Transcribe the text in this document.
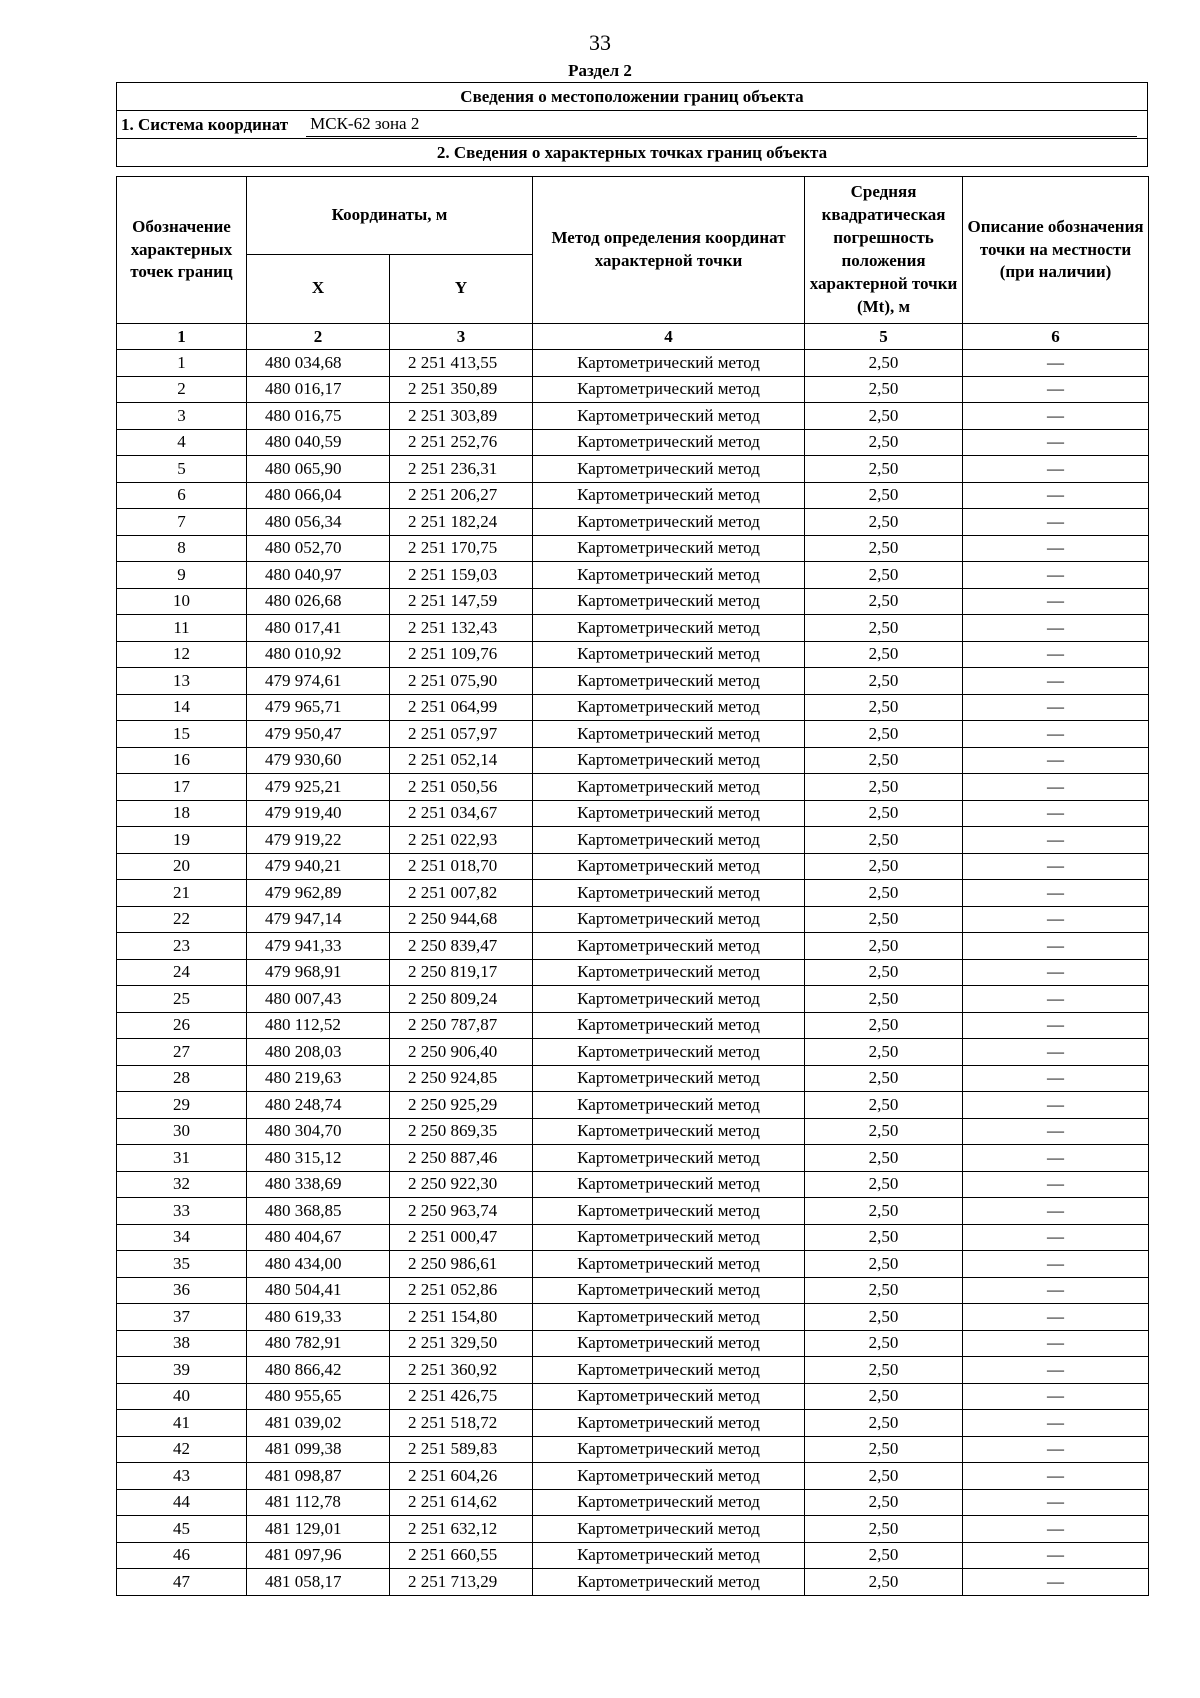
33
Раздел 2
Сведения о местоположении границ объекта

1. Система координат МСК-62 зона 2

2. Сведения о характерных точках границ объекта
Обозначение характерных точек границ	Координаты, м		Метод определения координат характерной точки	Средняя квадратическая погрешность положения характерной точки (Mt), м	Описание обозначения точки на местности (при наличии)
	X	Y			
1	2	3	4	5	6
1	480 034,68	2 251 413,55	Картометрический метод	2,50	—
2	480 016,17	2 251 350,89	Картометрический метод	2,50	—
3	480 016,75	2 251 303,89	Картометрический метод	2,50	—
4	480 040,59	2 251 252,76	Картометрический метод	2,50	—
5	480 065,90	2 251 236,31	Картометрический метод	2,50	—
6	480 066,04	2 251 206,27	Картометрический метод	2,50	—
7	480 056,34	2 251 182,24	Картометрический метод	2,50	—
8	480 052,70	2 251 170,75	Картометрический метод	2,50	—
9	480 040,97	2 251 159,03	Картометрический метод	2,50	—
10	480 026,68	2 251 147,59	Картометрический метод	2,50	—
11	480 017,41	2 251 132,43	Картометрический метод	2,50	—
12	480 010,92	2 251 109,76	Картометрический метод	2,50	—
13	479 974,61	2 251 075,90	Картометрический метод	2,50	—
14	479 965,71	2 251 064,99	Картометрический метод	2,50	—
15	479 950,47	2 251 057,97	Картометрический метод	2,50	—
16	479 930,60	2 251 052,14	Картометрический метод	2,50	—
17	479 925,21	2 251 050,56	Картометрический метод	2,50	—
18	479 919,40	2 251 034,67	Картометрический метод	2,50	—
19	479 919,22	2 251 022,93	Картометрический метод	2,50	—
20	479 940,21	2 251 018,70	Картометрический метод	2,50	—
21	479 962,89	2 251 007,82	Картометрический метод	2,50	—
22	479 947,14	2 250 944,68	Картометрический метод	2,50	—
23	479 941,33	2 250 839,47	Картометрический метод	2,50	—
24	479 968,91	2 250 819,17	Картометрический метод	2,50	—
25	480 007,43	2 250 809,24	Картометрический метод	2,50	—
26	480 112,52	2 250 787,87	Картометрический метод	2,50	—
27	480 208,03	2 250 906,40	Картометрический метод	2,50	—
28	480 219,63	2 250 924,85	Картометрический метод	2,50	—
29	480 248,74	2 250 925,29	Картометрический метод	2,50	—
30	480 304,70	2 250 869,35	Картометрический метод	2,50	—
31	480 315,12	2 250 887,46	Картометрический метод	2,50	—
32	480 338,69	2 250 922,30	Картометрический метод	2,50	—
33	480 368,85	2 250 963,74	Картометрический метод	2,50	—
34	480 404,67	2 251 000,47	Картометрический метод	2,50	—
35	480 434,00	2 250 986,61	Картометрический метод	2,50	—
36	480 504,41	2 251 052,86	Картометрический метод	2,50	—
37	480 619,33	2 251 154,80	Картометрический метод	2,50	—
38	480 782,91	2 251 329,50	Картометрический метод	2,50	—
39	480 866,42	2 251 360,92	Картометрический метод	2,50	—
40	480 955,65	2 251 426,75	Картометрический метод	2,50	—
41	481 039,02	2 251 518,72	Картометрический метод	2,50	—
42	481 099,38	2 251 589,83	Картометрический метод	2,50	—
43	481 098,87	2 251 604,26	Картометрический метод	2,50	—
44	481 112,78	2 251 614,62	Картометрический метод	2,50	—
45	481 129,01	2 251 632,12	Картометрический метод	2,50	—
46	481 097,96	2 251 660,55	Картометрический метод	2,50	—
47	481 058,17	2 251 713,29	Картометрический метод	2,50	—
